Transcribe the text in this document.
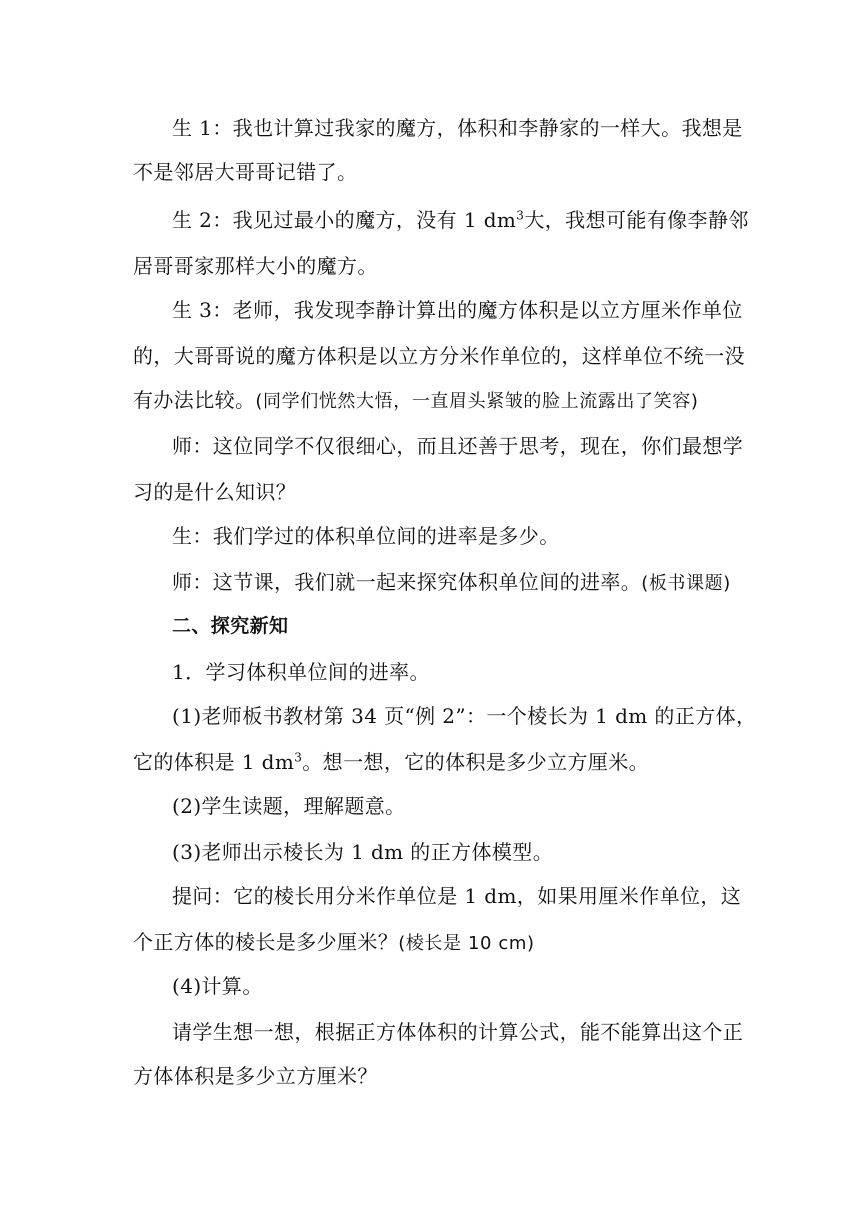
生 1：我也计算过我家的魔方，体积和李静家的一样大。我想是
不是邻居大哥哥记错了。
生 2：我见过最小的魔方，没有 1 $dm^3$大，我想可能有像李静邻
居哥哥家那样大小的魔方。
生 3：老师，我发现李静计算出的魔方体积是以立方厘米作单位
的，大哥哥说的魔方体积是以立方分米作单位的，这样单位不统一没
有办法比较。(同学们恍然大悟，一直眉头紧皱的脸上流露出了笑容)
师：这位同学不仅很细心，而且还善于思考，现在，你们最想学
习的是什么知识？
生：我们学过的体积单位间的进率是多少。
师：这节课，我们就一起来探究体积单位间的进率。(板书课题)
二、探究新知
1．学习体积单位间的进率。
(1)老师板书教材第 34 页“例 2”：一个棱长为 1 dm 的正方体，
它的体积是 1 $dm^3$。想一想，它的体积是多少立方厘米。
(2)学生读题，理解题意。
(3)老师出示棱长为 1 dm 的正方体模型。
提问：它的棱长用分米作单位是 1 dm，如果用厘米作单位，这
个正方体的棱长是多少厘米？(棱长是 10 cm)
(4)计算。
请学生想一想，根据正方体体积的计算公式，能不能算出这个正
方体体积是多少立方厘米？
